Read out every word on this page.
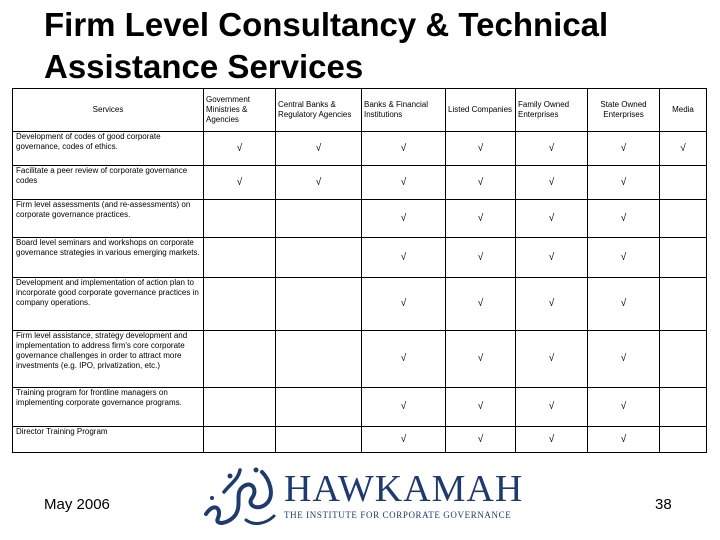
Firm Level Consultancy & Technical Assistance Services
Services	Government Ministries & Agencies	Central Banks & Regulatory Agencies	Banks & Financial Institutions	Listed Companies	Family Owned Enterprises	State Owned Enterprises	Media
Development of codes of good corporate governance, codes of ethics.	√	√	√	√	√	√	√
Facilitate a peer review of corporate governance codes	√	√	√	√	√	√	
Firm level assessments (and re-assessments) on corporate governance practices.			√	√	√	√	
Board level seminars and workshops on corporate governance strategies in various emerging markets.			√	√	√	√	
Development and implementation of action plan to incorporate good corporate governance practices in company operations.			√	√	√	√	
Firm level assistance, strategy development and implementation to address firm's core corporate governance challenges in order to attract more investments (e.g. IPO, privatization, etc.)			√	√	√	√	
Training program for frontline managers on implementing corporate governance programs.			√	√	√	√	
Director Training Program			√	√	√	√	
May 2006	HAWKAMAH
THE INSTITUTE FOR CORPORATE GOVERNANCE
38
